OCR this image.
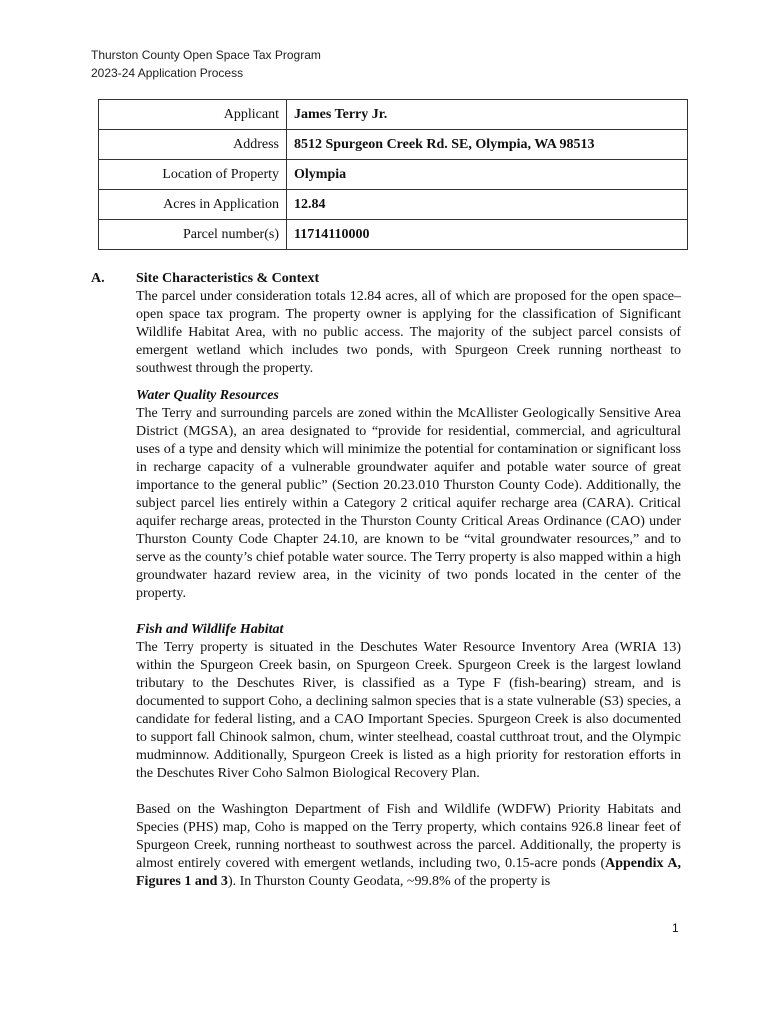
Thurston County Open Space Tax Program
2023-24 Application Process
Applicant	James Terry Jr.
Address	8512 Spurgeon Creek Rd. SE, Olympia, WA 98513
Location of Property	Olympia
Acres in Application	12.84
Parcel number(s)	11714110000
A. Site Characteristics & Context

The parcel under consideration totals 12.84 acres, all of which are proposed for the open space–open space tax program. The property owner is applying for the classification of Significant Wildlife Habitat Area, with no public access. The majority of the subject parcel consists of emergent wetland which includes two ponds, with Spurgeon Creek running northeast to southwest through the property.

Water Quality Resources

The Terry and surrounding parcels are zoned within the McAllister Geologically Sensitive Area District (MGSA), an area designated to “provide for residential, commercial, and agricultural uses of a type and density which will minimize the potential for contamination or significant loss in recharge capacity of a vulnerable groundwater aquifer and potable water source of great importance to the general public” (Section 20.23.010 Thurston County Code). Additionally, the subject parcel lies entirely within a Category 2 critical aquifer recharge area (CARA). Critical aquifer recharge areas, protected in the Thurston County Critical Areas Ordinance (CAO) under Thurston County Code Chapter 24.10, are known to be “vital groundwater resources,” and to serve as the county’s chief potable water source. The Terry property is also mapped within a high groundwater hazard review area, in the vicinity of two ponds located in the center of the property.

Fish and Wildlife Habitat

The Terry property is situated in the Deschutes Water Resource Inventory Area (WRIA 13) within the Spurgeon Creek basin, on Spurgeon Creek. Spurgeon Creek is the largest lowland tributary to the Deschutes River, is classified as a Type F (fish-bearing) stream, and is documented to support Coho, a declining salmon species that is a state vulnerable (S3) species, a candidate for federal listing, and a CAO Important Species. Spurgeon Creek is also documented to support fall Chinook salmon, chum, winter steelhead, coastal cutthroat trout, and the Olympic mudminnow. Additionally, Spurgeon Creek is listed as a high priority for restoration efforts in the Deschutes River Coho Salmon Biological Recovery Plan.

Based on the Washington Department of Fish and Wildlife (WDFW) Priority Habitats and Species (PHS) map, Coho is mapped on the Terry property, which contains 926.8 linear feet of Spurgeon Creek, running northeast to southwest across the parcel. Additionally, the property is almost entirely covered with emergent wetlands, including two, 0.15-acre ponds (Appendix A, Figures 1 and 3). In Thurston County Geodata, ~99.8% of the property is

1
